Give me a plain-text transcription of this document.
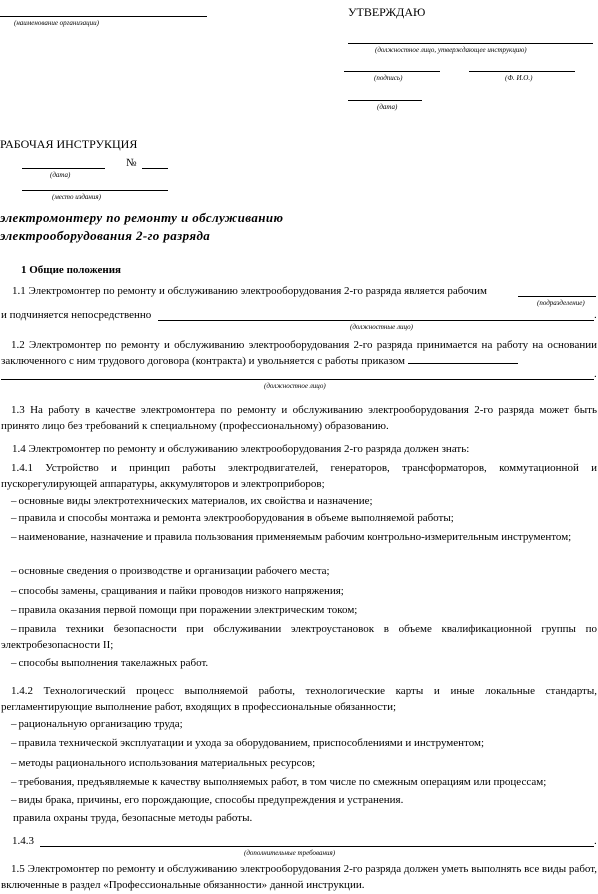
(наименование организации)
УТВЕРЖДАЮ
(должностное лицо, утверждающее инструкцию)
(подпись)	(Ф. И.О.)
(дата)
РАБОЧАЯ ИНСТРУКЦИЯ
№
(дата)
(место издания)
электромонтеру по ремонту и обслуживанию
электрооборудования 2-го разряда
1 Общие положения
1.1 Электромонтер по ремонту и обслуживанию электрооборудования 2-го разряда является рабочим
(подразделение)
и подчиняется непосредственно	.
(должностные лицо)
1.2 Электромонтер по ремонту и обслуживанию электрооборудования 2-го разряда принимается на работу на основании заключенного с ним трудового договора (контракта) и увольняется с работы приказом
.
(должностное лицо)
1.3 На работу в качестве электромонтера по ремонту и обслуживанию электрооборудования 2-го разряда может быть принято лицо без требований к специальному (профессиональному) образованию.
1.4 Электромонтер по ремонту и обслуживанию электрооборудования 2-го разряда должен знать:
1.4.1 Устройство и принцип работы электродвигателей, генераторов, трансформаторов, коммутационной и пускорегулирующей аппаратуры, аккумуляторов и электроприборов;
– основные виды электротехнических материалов, их свойства и назначение;
– правила и способы монтажа и ремонта электрооборудования в объеме выполняемой работы;
– наименование, назначение и правила пользования применяемым рабочим контрольно-измерительным инструментом;
– основные сведения о производстве и организации рабочего места;
– способы замены, сращивания и пайки проводов низкого напряжения;
– правила оказания первой помощи при поражении электрическим током;
– правила техники безопасности при обслуживании электроустановок в объеме квалификационной группы по электробезопасности II;
– способы выполнения такелажных работ.
1.4.2 Технологический процесс выполняемой работы, технологические карты и иные локальные стандарты, регламентирующие выполнение работ, входящих в профессиональные обязанности;
– рациональную организацию труда;
– правила технической эксплуатации и ухода за оборудованием, приспособлениями и инструментом;
– методы рационального использования материальных ресурсов;
– требования, предъявляемые к качеству выполняемых работ, в том числе по смежным операциям или процессам;
– виды брака, причины, его порождающие, способы предупреждения и устранения.
правила охраны труда, безопасные методы работы.
1.4.3	.
(дополнительные требования)
1.5 Электромонтер по ремонту и обслуживанию электрооборудования 2-го разряда должен уметь выполнять все виды работ, включенные в раздел «Профессиональные обязанности» данной инструкции.
